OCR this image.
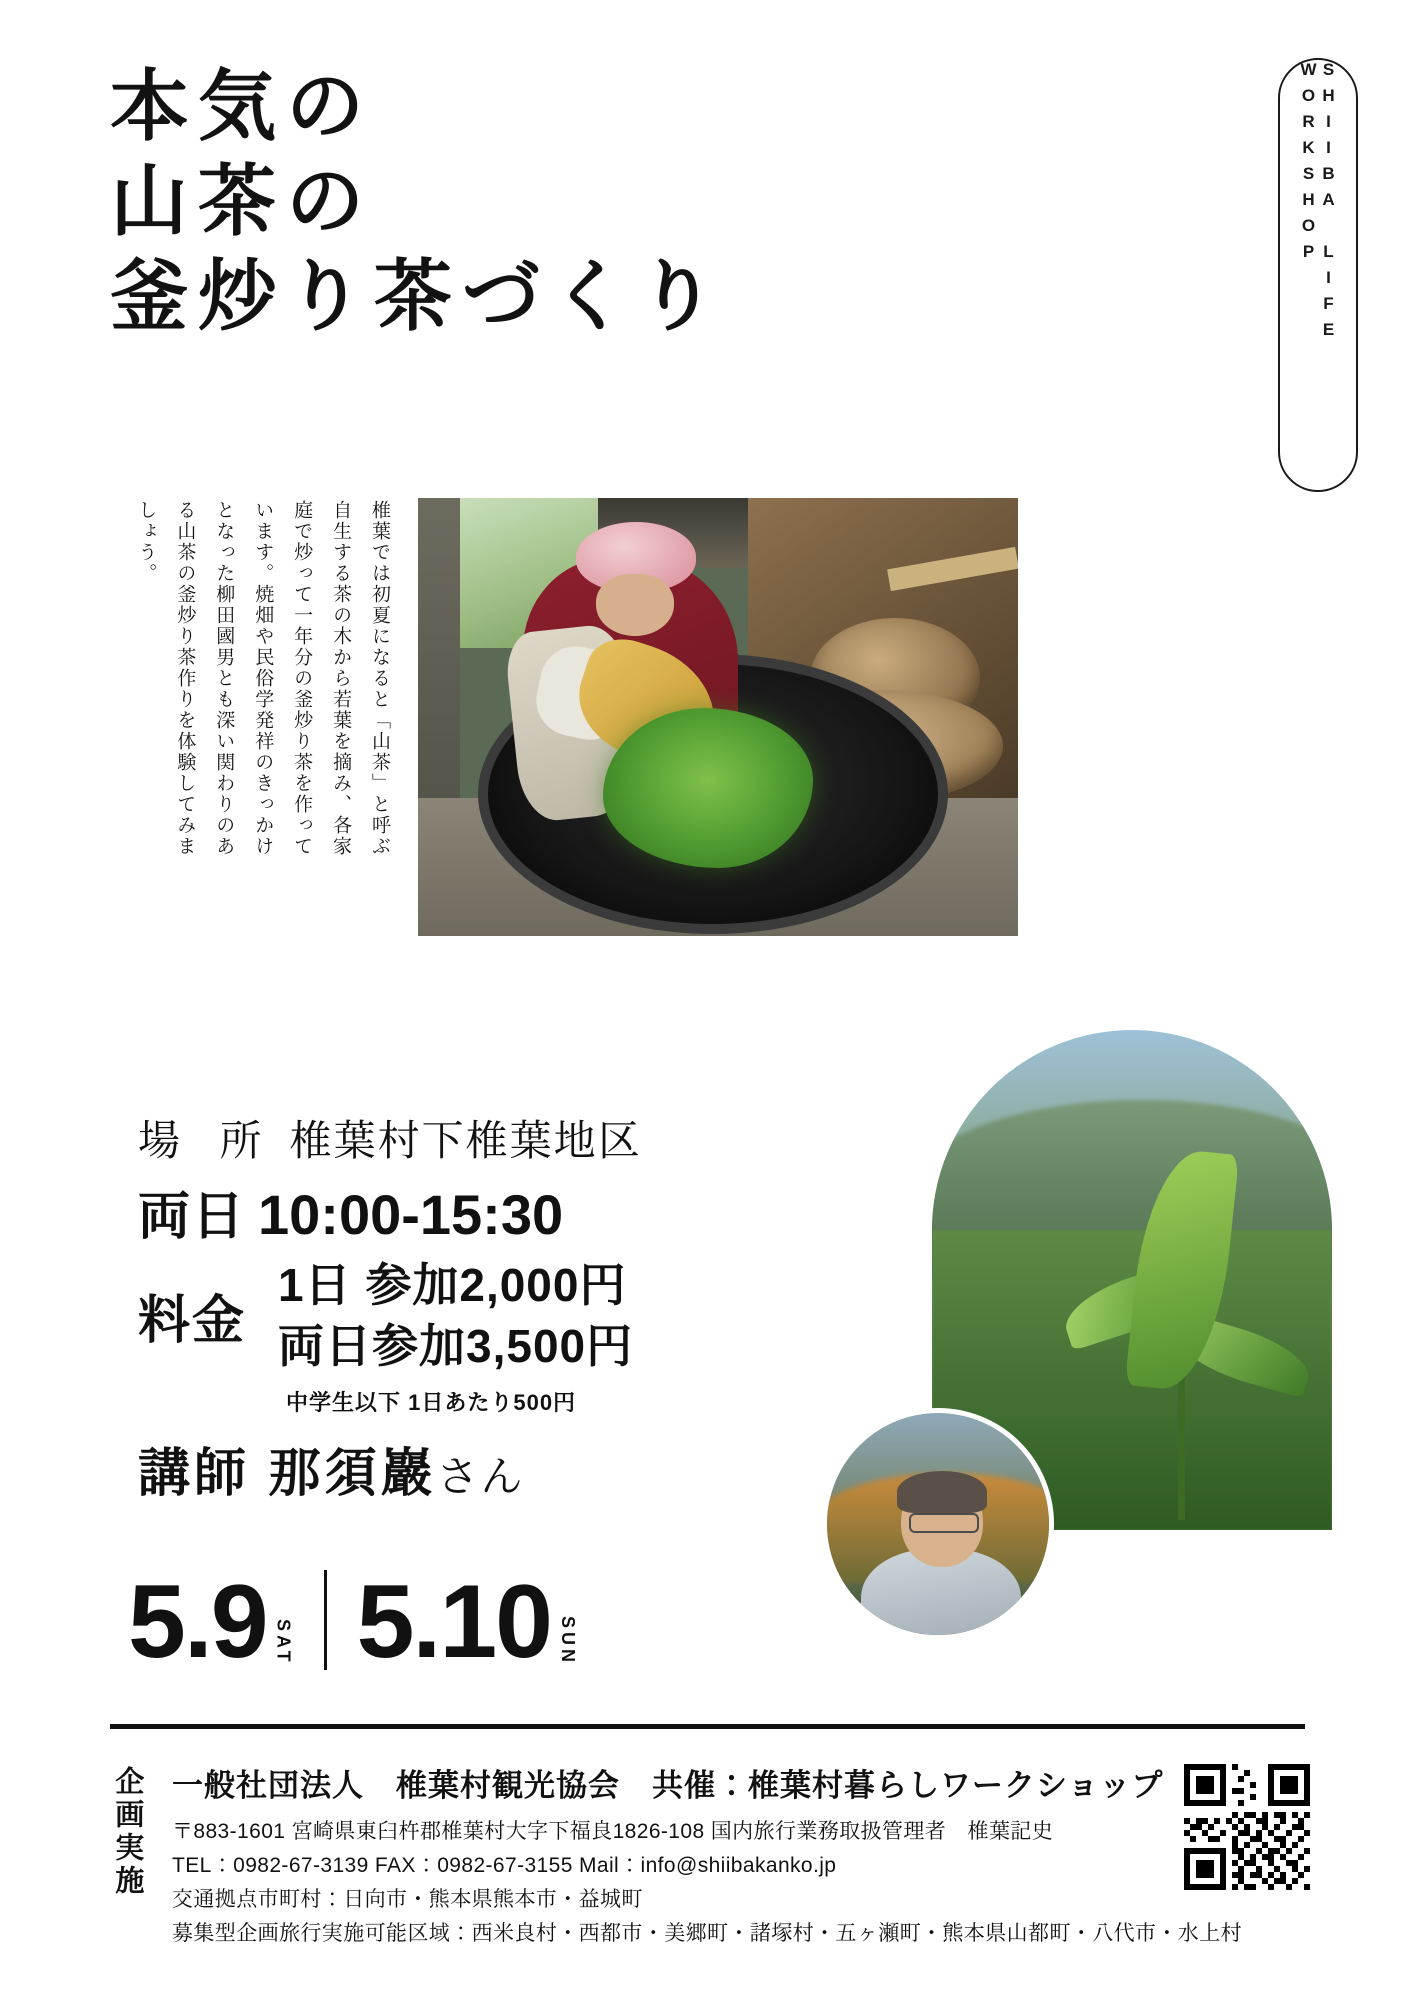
本気の
山茶の
釜炒り茶づくり	SHIIBA LIFE WORKSHOP
椎葉では初夏になると「山茶」と呼ぶ自生する茶の木から若葉を摘み、各家庭で炒って一年分の釜炒り茶を作っています。焼畑や民俗学発祥のきっかけとなった柳田國男とも深い関わりのある山茶の釜炒り茶作りを体験してみましょう。
場 所 椎葉村下椎葉地区
両日 10:00-15:30
料金
1日 参加2,000円
両日参加3,500円
中学生以下 1日あたり500円
講師 那須巖さん
5.9 SAT 5.10 SUN
企画実施 一般社団法人　椎葉村観光協会　共催：椎葉村暮らしワークショップ
〒883-1601 宮崎県東臼杵郡椎葉村大字下福良1826-108 国内旅行業務取扱管理者　椎葉記史
TEL：0982-67-3139 FAX：0982-67-3155 Mail：info@shiibakanko.jp
交通拠点市町村：日向市・熊本県熊本市・益城町
募集型企画旅行実施可能区域：西米良村・西都市・美郷町・諸塚村・五ヶ瀬町・熊本県山都町・八代市・水上村
